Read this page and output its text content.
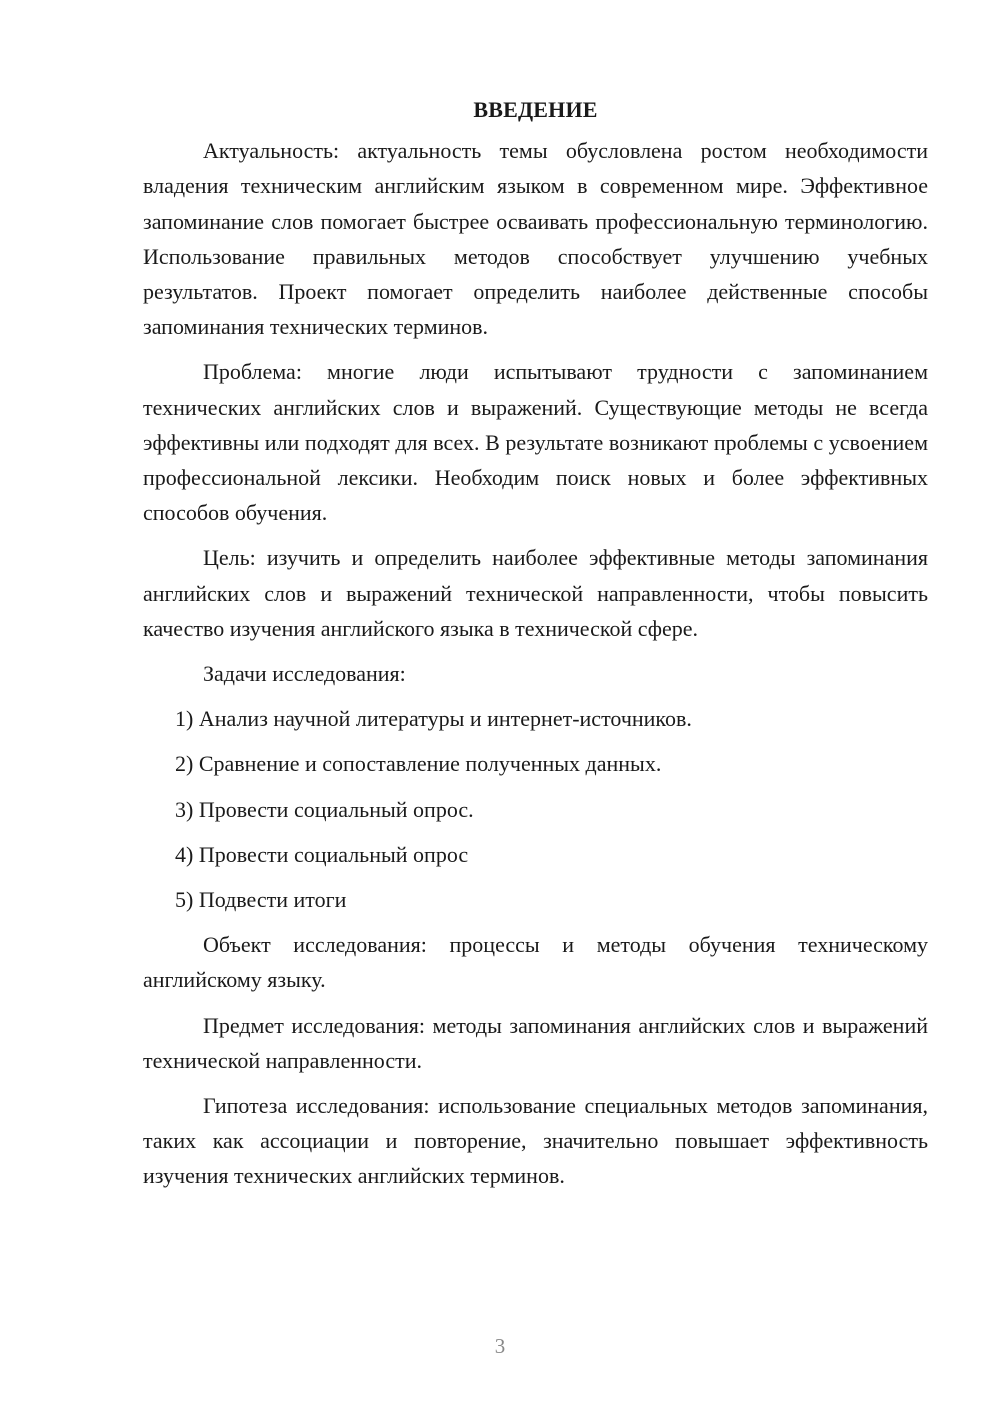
ВВЕДЕНИЕ

Актуальность: актуальность темы обусловлена ростом необходимости владения техническим английским языком в современном мире. Эффективное запоминание слов помогает быстрее осваивать профессиональную терминологию. Использование правильных методов способствует улучшению учебных результатов. Проект помогает определить наиболее действенные способы запоминания технических терминов.

Проблема: многие люди испытывают трудности с запоминанием технических английских слов и выражений. Существующие методы не всегда эффективны или подходят для всех. В результате возникают проблемы с усвоением профессиональной лексики. Необходим поиск новых и более эффективных способов обучения.

Цель: изучить и определить наиболее эффективные методы запоминания английских слов и выражений технической направленности, чтобы повысить качество изучения английского языка в технической сфере.

Задачи исследования:

1) Анализ научной литературы и интернет-источников.
2) Сравнение и сопоставление полученных данных.
3) Провести социальный опрос.
4) Провести социальный опрос
5) Подвести итоги

Объект исследования: процессы и методы обучения техническому английскому языку.

Предмет исследования: методы запоминания английских слов и выражений технической направленности.

Гипотеза исследования: использование специальных методов запоминания, таких как ассоциации и повторение, значительно повышает эффективность изучения технических английских терминов.

3
